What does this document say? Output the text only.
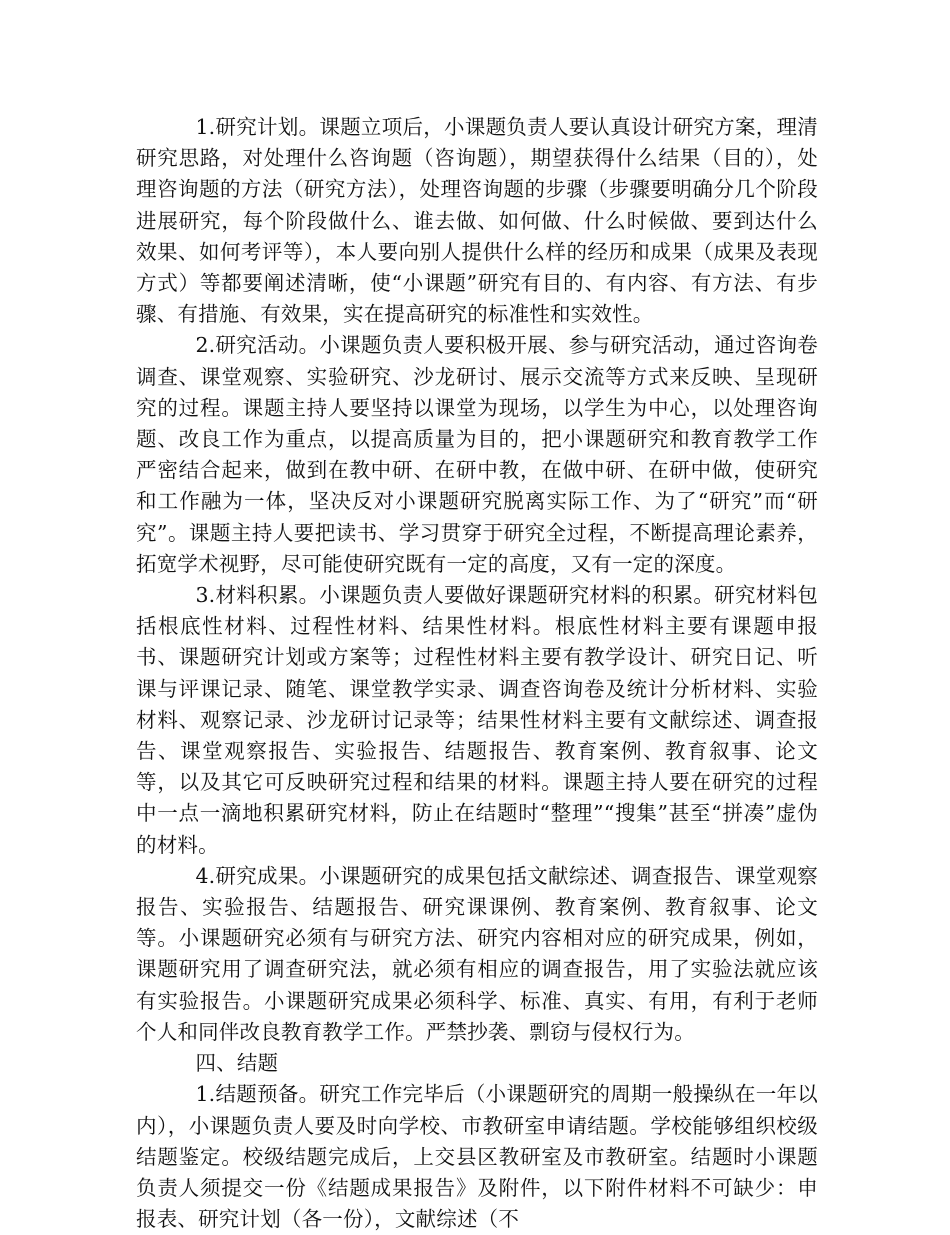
1.研究计划。课题立项后，小课题负责人要认真设计研究方案，理清研究思路，对处理什么咨询题（咨询题），期望获得什么结果（目的），处理咨询题的方法（研究方法），处理咨询题的步骤（步骤要明确分几个阶段进展研究，每个阶段做什么、谁去做、如何做、什么时候做、要到达什么效果、如何考评等），本人要向别人提供什么样的经历和成果（成果及表现方式）等都要阐述清晰，使“小课题”研究有目的、有内容、有方法、有步骤、有措施、有效果，实在提高研究的标准性和实效性。

2.研究活动。小课题负责人要积极开展、参与研究活动，通过咨询卷调查、课堂观察、实验研究、沙龙研讨、展示交流等方式来反映、呈现研究的过程。课题主持人要坚持以课堂为现场，以学生为中心，以处理咨询题、改良工作为重点，以提高质量为目的，把小课题研究和教育教学工作严密结合起来，做到在教中研、在研中教，在做中研、在研中做，使研究和工作融为一体，坚决反对小课题研究脱离实际工作、为了“研究”而“研究”。课题主持人要把读书、学习贯穿于研究全过程，不断提高理论素养，拓宽学术视野，尽可能使研究既有一定的高度，又有一定的深度。

3.材料积累。小课题负责人要做好课题研究材料的积累。研究材料包括根底性材料、过程性材料、结果性材料。根底性材料主要有课题申报书、课题研究计划或方案等；过程性材料主要有教学设计、研究日记、听课与评课记录、随笔、课堂教学实录、调查咨询卷及统计分析材料、实验材料、观察记录、沙龙研讨记录等；结果性材料主要有文献综述、调查报告、课堂观察报告、实验报告、结题报告、教育案例、教育叙事、论文等，以及其它可反映研究过程和结果的材料。课题主持人要在研究的过程中一点一滴地积累研究材料，防止在结题时“整理”“搜集”甚至“拼凑”虚伪的材料。

4.研究成果。小课题研究的成果包括文献综述、调查报告、课堂观察报告、实验报告、结题报告、研究课课例、教育案例、教育叙事、论文等。小课题研究必须有与研究方法、研究内容相对应的研究成果，例如，课题研究用了调查研究法，就必须有相应的调查报告，用了实验法就应该有实验报告。小课题研究成果必须科学、标准、真实、有用，有利于老师个人和同伴改良教育教学工作。严禁抄袭、剽窃与侵权行为。

四、结题

1.结题预备。研究工作完毕后（小课题研究的周期一般操纵在一年以内），小课题负责人要及时向学校、市教研室申请结题。学校能够组织校级结题鉴定。校级结题完成后，上交县区教研室及市教研室。结题时小课题负责人须提交一份《结题成果报告》及附件，以下附件材料不可缺少：申报表、研究计划（各一份），文献综述（不
